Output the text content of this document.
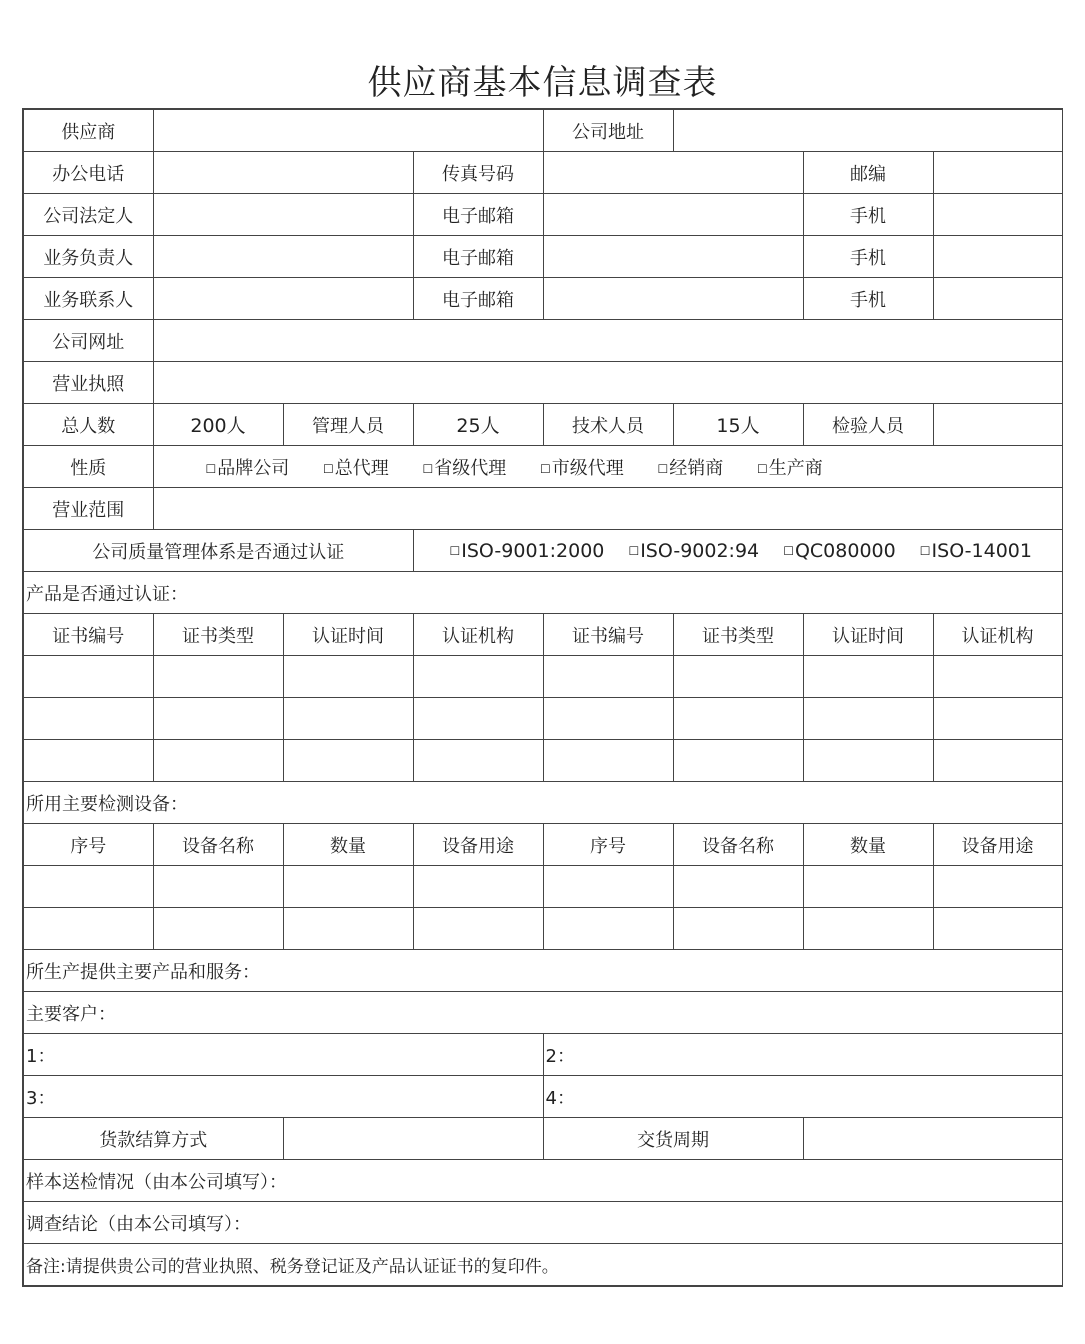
供应商基本信息调查表
供应商				公司地址			
办公电话			传真号码			邮编	
公司法定人			电子邮箱			手机	
业务负责人			电子邮箱			手机	
业务联系人			电子邮箱			手机	
公司网址							
营业执照							
总人数	200人	管理人员	25人	技术人员	15人	检验人员	
性质	☐品牌公司 ☐总代理 ☐省级代理 ☐市级代理 ☐经销商 ☐生产商						
营业范围							
公司质量管理体系是否通过认证			☐ISO-9001:2000 ☐ISO-9002:94 ☐QC080000 ☐ISO-14001				
产品是否通过认证：							
证书编号	证书类型	认证时间	认证机构	证书编号	证书类型	认证时间	认证机构

所用主要检测设备：							
序号	设备名称	数量	设备用途	序号	设备名称	数量	设备用途

所生产提供主要产品和服务：							
主要客户：							
1：				2：			
3：				4：			
货款结算方式				交货周期			
样本送检情况（由本公司填写）：							
调查结论（由本公司填写）：							
备注:请提供贵公司的营业执照、税务登记证及产品认证证书的复印件。							
